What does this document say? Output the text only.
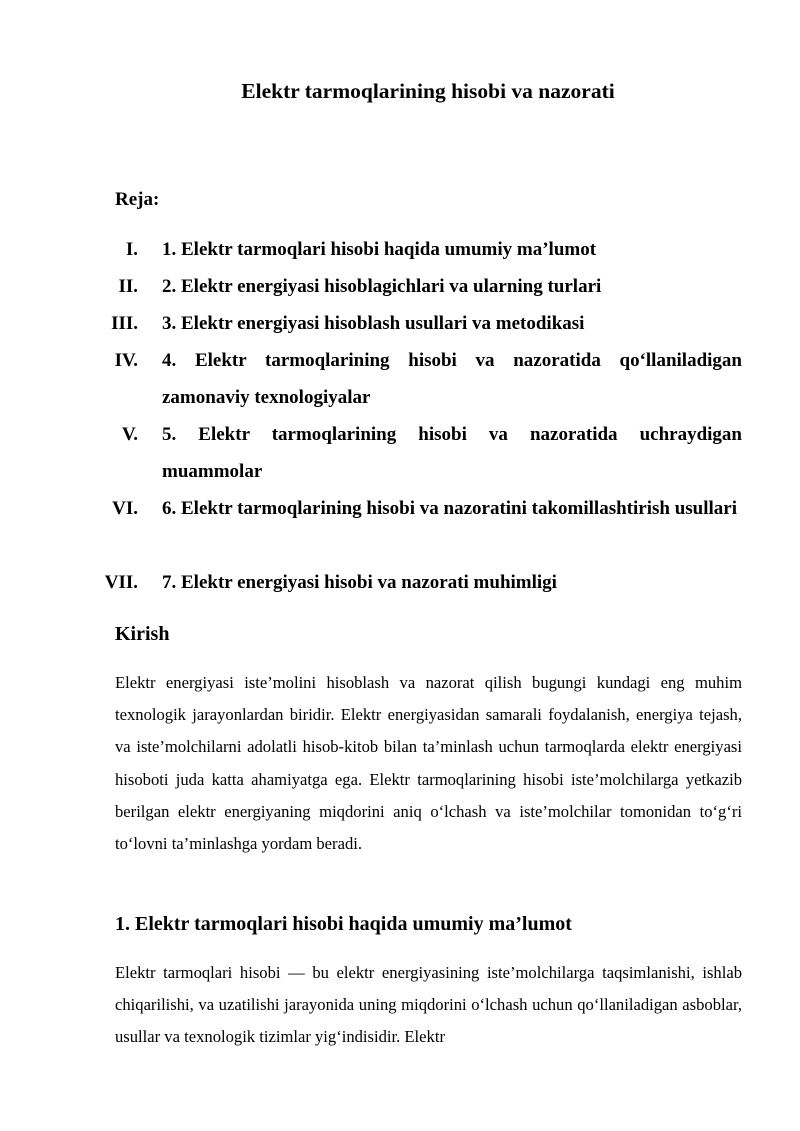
Elektr tarmoqlarining hisobi va nazorati
Reja:
I. 1. Elektr tarmoqlari hisobi haqida umumiy ma’lumot
II. 2. Elektr energiyasi hisoblagichlari va ularning turlari
III. 3. Elektr energiyasi hisoblash usullari va metodikasi
IV. 4. Elektr tarmoqlarining hisobi va nazoratida qo‘llaniladigan zamonaviy texnologiyalar
V. 5. Elektr tarmoqlarining hisobi va nazoratida uchraydigan muammolar
VI. 6. Elektr tarmoqlarining hisobi va nazoratini takomillashtirish usullari
VII. 7. Elektr energiyasi hisobi va nazorati muhimligi
Kirish
Elektr energiyasi iste’molini hisoblash va nazorat qilish bugungi kundagi eng muhim texnologik jarayonlardan biridir. Elektr energiyasidan samarali foydalanish, energiya tejash, va iste’molchilarni adolatli hisob-kitob bilan ta’minlash uchun tarmoqlarda elektr energiyasi hisoboti juda katta ahamiyatga ega. Elektr tarmoqlarining hisobi iste’molchilarga yetkazib berilgan elektr energiyaning miqdorini aniq o‘lchash va iste’molchilar tomonidan to‘g‘ri to‘lovni ta’minlashga yordam beradi.
1. Elektr tarmoqlari hisobi haqida umumiy ma’lumot
Elektr tarmoqlari hisobi — bu elektr energiyasining iste’molchilarga taqsimlanishi, ishlab chiqarilishi, va uzatilishi jarayonida uning miqdorini o‘lchash uchun qo‘llaniladigan asboblar, usullar va texnologik tizimlar yig‘indisidir. Elektr
